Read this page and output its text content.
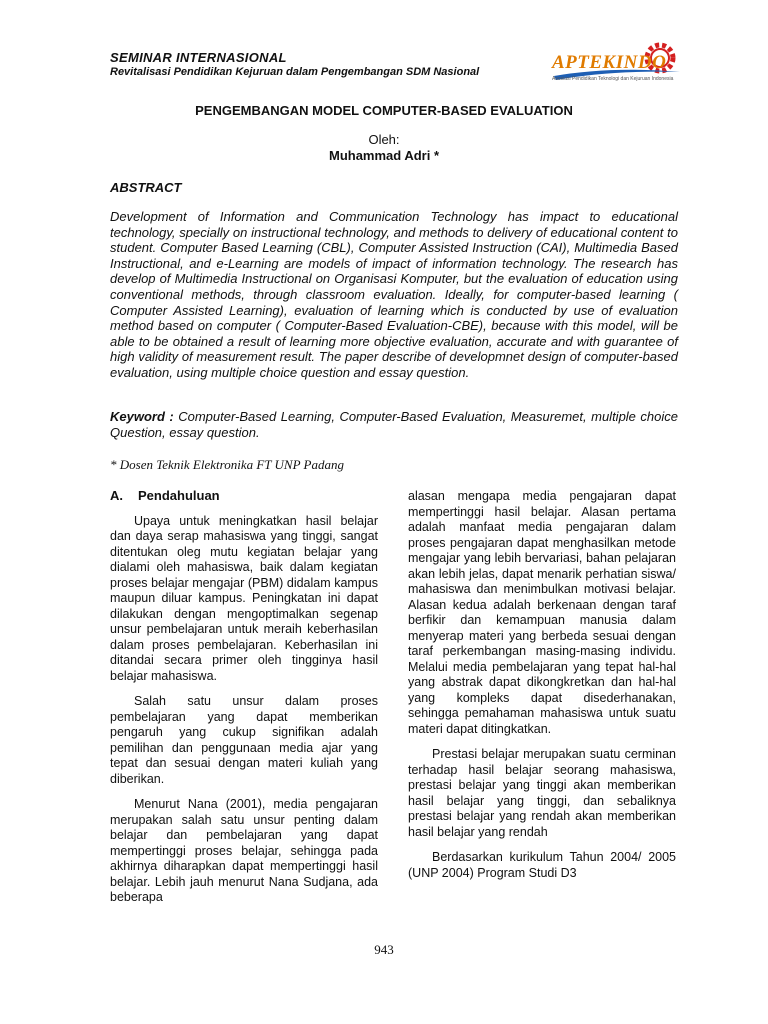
SEMINAR INTERNASIONAL
Revitalisasi Pendidikan Kejuruan dalam Pengembangan SDM Nasional	APTEKINDO
Asosiasi Pendidikan Teknologi dan Kejuruan Indonesia
PENGEMBANGAN MODEL COMPUTER-BASED EVALUATION
Oleh:
Muhammad Adri *
ABSTRACT

Development of Information and Communication Technology has impact to educational technology, specially on instructional technology, and methods to delivery of educational content to student. Computer Based Learning (CBL), Computer Assisted Instruction (CAI), Multimedia Based Instructional, and e-Learning are models of impact of information technology. The research has develop of Multimedia Instructional on Organisasi Komputer, but the evaluation of education using conventional methods, through classroom evaluation. Ideally, for computer-based learning ( Computer Assisted Learning), evaluation of learning which is conducted by use of evaluation method based on computer ( Computer-Based Evaluation-CBE), because with this model, will be able to be obtained a result of learning more objective evaluation, accurate and with guarantee of high validity of measurement result. The paper describe of developmnet design of computer-based evaluation, using multiple choice question and essay question.

Keyword : Computer-Based Learning, Computer-Based Evaluation, Measuremet, multiple choice Question, essay question.

* Dosen Teknik Elektronika FT UNP Padang
A. Pendahuluan

Upaya untuk meningkatkan hasil belajar dan daya serap mahasiswa yang tinggi, sangat ditentukan oleg mutu kegiatan belajar yang dialami oleh mahasiswa, baik dalam kegiatan proses belajar mengajar (PBM) didalam kampus maupun diluar kampus. Peningkatan ini dapat dilakukan dengan mengoptimalkan segenap unsur pembelajaran untuk meraih keberhasilan dalam proses pembelajaran. Keberhasilan ini ditandai secara primer oleh tingginya hasil belajar mahasiswa.

Salah satu unsur dalam proses pembelajaran yang dapat memberikan pengaruh yang cukup signifikan adalah pemilihan dan penggunaan media ajar yang tepat dan sesuai dengan materi kuliah yang diberikan.

Menurut Nana (2001), media pengajaran merupakan salah satu unsur penting dalam belajar dan pembelajaran yang dapat mempertinggi proses belajar, sehingga pada akhirnya diharapkan dapat mempertinggi hasil belajar. Lebih jauh menurut Nana Sudjana, ada beberapa

alasan mengapa media pengajaran dapat mempertinggi hasil belajar. Alasan pertama adalah manfaat media pengajaran dalam proses pengajaran dapat menghasilkan metode mengajar yang lebih bervariasi, bahan pelajaran akan lebih jelas, dapat menarik perhatian siswa/ mahasiswa dan menimbulkan motivasi belajar. Alasan kedua adalah berkenaan dengan taraf berfikir dan kemampuan manusia dalam menyerap materi yang berbeda sesuai dengan taraf perkembangan masing-masing individu. Melalui media pembelajaran yang tepat hal-hal yang abstrak dapat dikongkretkan dan hal-hal yang kompleks dapat disederhanakan, sehingga pemahaman mahasiswa untuk suatu materi dapat ditingkatkan.

Prestasi belajar merupakan suatu cerminan terhadap hasil belajar seorang mahasiswa, prestasi belajar yang tinggi akan memberikan hasil belajar yang tinggi, dan sebaliknya prestasi belajar yang rendah akan memberikan hasil belajar yang rendah

Berdasarkan kurikulum Tahun 2004/ 2005 (UNP 2004) Program Studi D3

943
